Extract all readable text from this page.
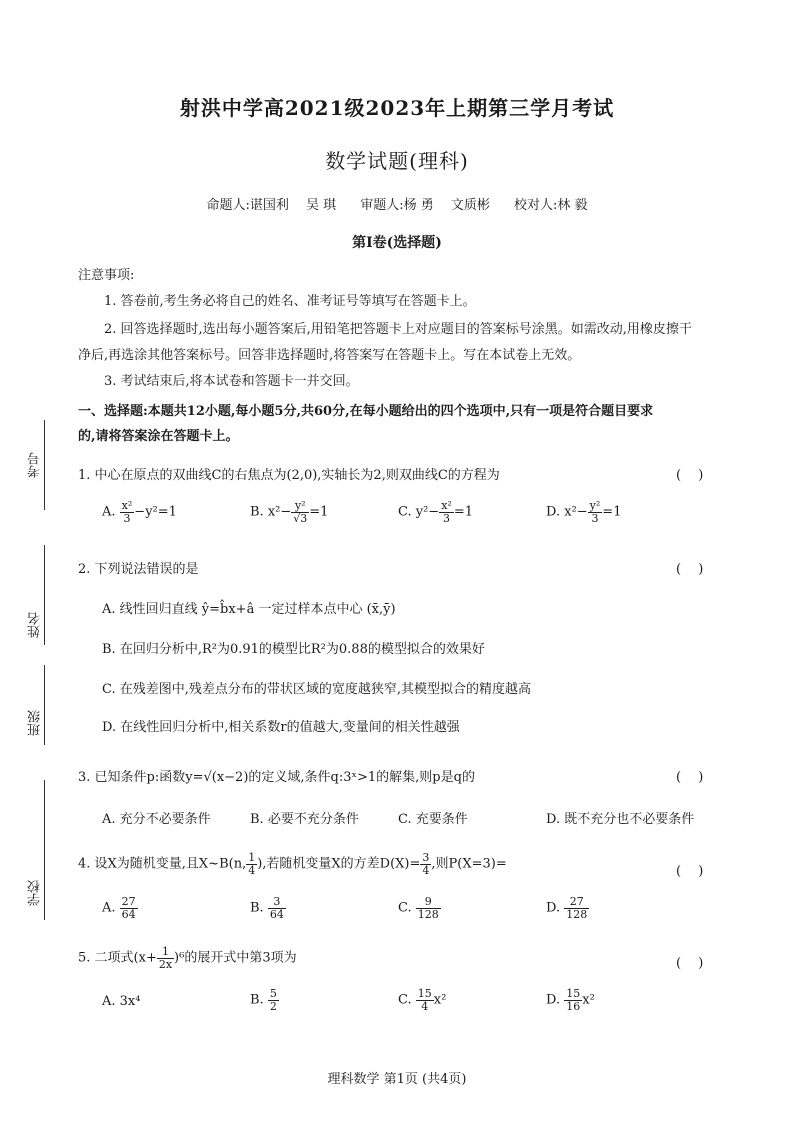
射洪中学高2021级2023年上期第三学月考试
数学试题(理科)
命题人:谌国利　 吴 琪 审题人:杨 勇　 文质彬 校对人:林 毅
第Ⅰ卷(选择题)
注意事项:
1. 答卷前,考生务必将自己的姓名、准考证号等填写在答题卡上。
2. 回答选择题时,选出每小题答案后,用铅笔把答题卡上对应题目的答案标号涂黑。如需改动,用橡皮擦干
净后,再选涂其他答案标号。回答非选择题时,将答案写在答题卡上。写在本试卷上无效。
3. 考试结束后,将本试卷和答题卡一并交回。
一、选择题:本题共12小题,每小题5分,共60分,在每小题给出的四个选项中,只有一项是符合题目要求
的,请将答案涂在答题卡上。
考号
姓名
班级
学校
1. 中心在原点的双曲线C的右焦点为(2,0),实轴长为2,则双曲线C的方程为	(　 )
A. $\frac{\text{x²}}{3} -y^2=1$	B. $x^2- \frac{\text{y²}}{√3} =1$	C. $y^2- \frac{\text{x²}}{3} =1$	D. $x^2- \frac{\text{y²}}{3} =1$
2. 下列说法错误的是	(　 )
A. 线性回归直线 ŷ=b̂x+â 一定过样本点中心 (x̄,ȳ)
B. 在回归分析中,R²为0.91的模型比R²为0.88的模型拟合的效果好
C. 在残差图中,残差点分布的带状区域的宽度越狭窄,其模型拟合的精度越高
D. 在线性回归分析中,相关系数r的值越大,变量间的相关性越强
3. 已知条件p:函数y=√(x−2)的定义域,条件q:3ˣ>1的解集,则p是q的	(　 )
A. 充分不必要条件	B. 必要不充分条件	C. 充要条件	D. 既不充分也不必要条件
4. 设X为随机变量,且X~B(n, $\frac{1}{4}$ ),若随机变量X的方差$D(X)= \frac{3}{4}$ ,则P(X=3)=	(　 )
A. $\frac{27}{64}$	B. $\frac{3}{64}$	C. $\frac{9}{128}$	D. $\frac{27}{128}$
5. 二项式$(x+ \frac{1}{2x} )^6$的展开式中第3项为	(　 )
A. 3x⁴	B. $\frac{5}{2}$	C. $\frac{15}{4} x^2$	D. $\frac{15}{16} x^2$
理科数学 第1页 (共4页)
